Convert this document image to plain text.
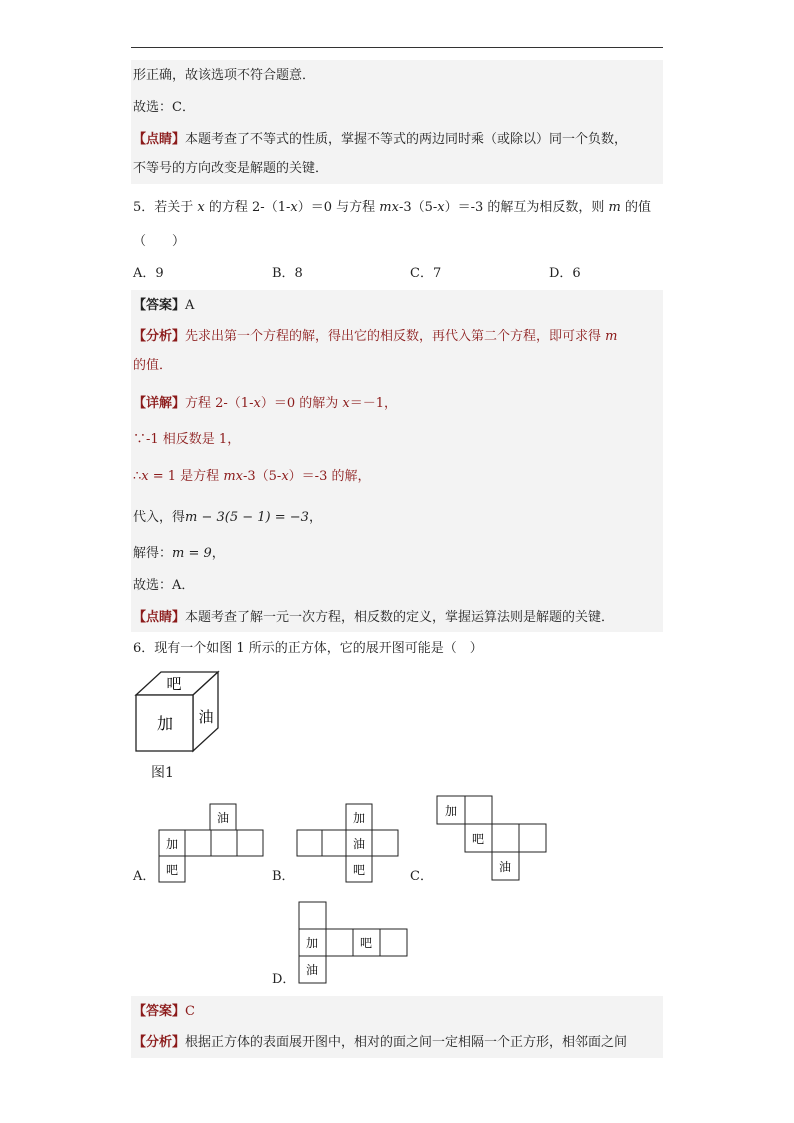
形正确，故该选项不符合题意．
故选：C．
【点睛】本题考查了不等式的性质，掌握不等式的两边同时乘（或除以）同一个负数，
不等号的方向改变是解题的关键．
5．若关于 x 的方程 2-（1-x）＝0 与方程 mx-3（5-x）＝-3 的解互为相反数，则 m 的值
（　　）
A．9	B．8	C．7	D．6
【答案】A
【分析】先求出第一个方程的解，得出它的相反数，再代入第二个方程，即可求得 m
的值．
【详解】方程 2-（1-x）＝0 的解为 x＝－1，
∵-1 相反数是 1，
∴x = 1 是方程 mx-3（5-x）＝-3 的解，
代入，得m − 3(5 − 1) = −3，
解得：m = 9，
故选：A．
【点睛】本题考查了解一元一次方程，相反数的定义，掌握运算法则是解题的关键．
6．现有一个如图 1 所示的正方体，它的展开图可能是（　）
吧
加 油
图1
油
加
吧
A．
加
油
吧
B．
加
吧
油
C．
加	吧
油
D．
【答案】C
【分析】根据正方体的表面展开图中，相对的面之间一定相隔一个正方形，相邻面之间
